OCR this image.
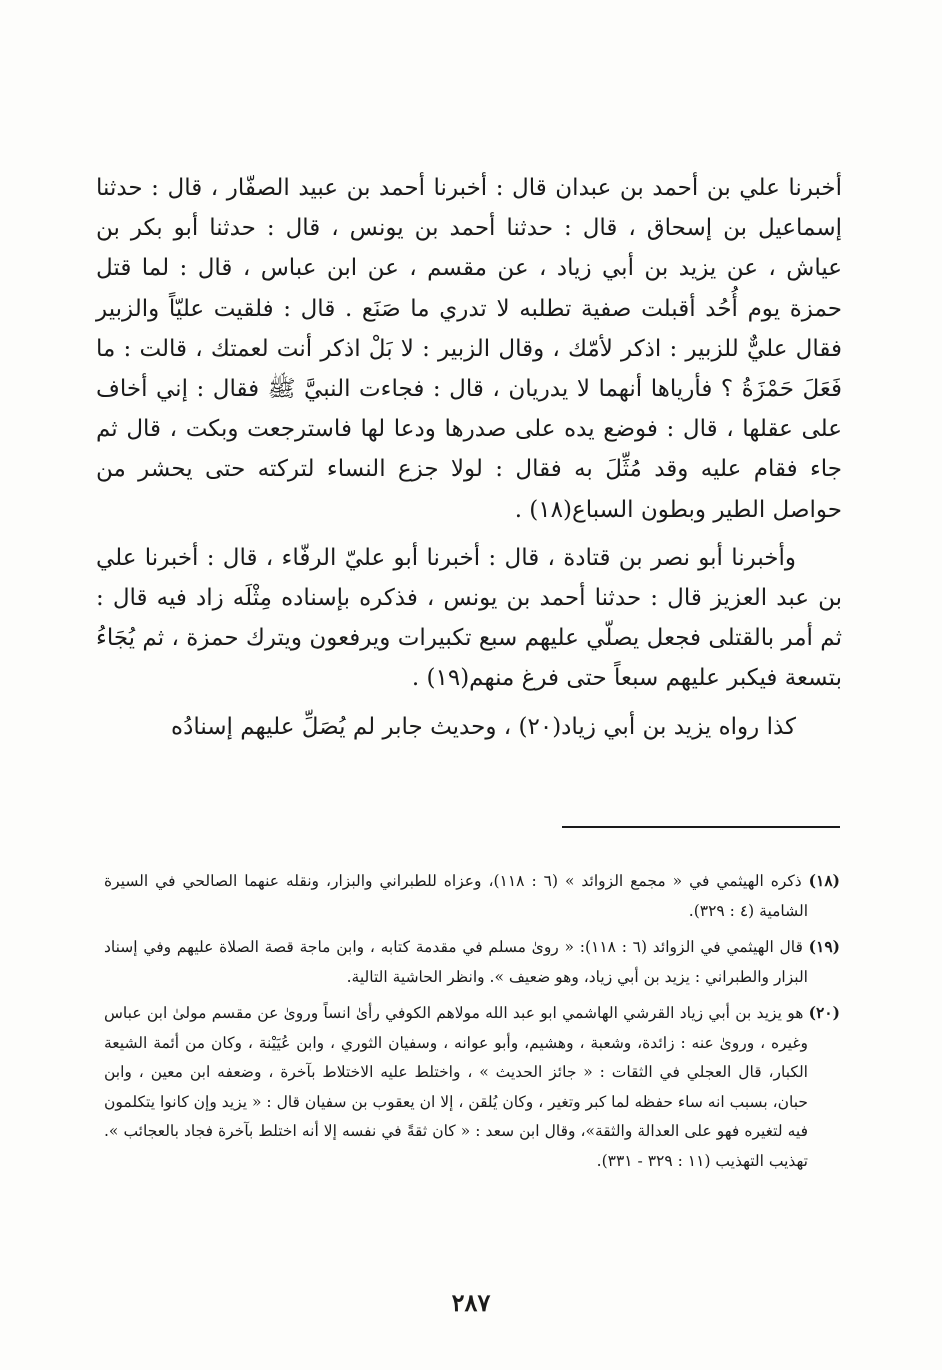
أخبرنا علي بن أحمد بن عبدان قال : أخبرنا أحمد بن عبيد الصفّار ، قال : حدثنا إسماعيل بن إسحاق ، قال : حدثنا أحمد بن يونس ، قال : حدثنا أبو بكر بن عياش ، عن يزيد بن أبي زياد ، عن مقسم ، عن ابن عباس ، قال : لما قتل حمزة يوم أُحُد أقبلت صفية تطلبه لا تدري ما صَنَع . قال : فلقيت عليّاً والزبير فقال عليٌّ للزبير : اذكر لأمّك ، وقال الزبير : لا بَلْ اذكر أنت لعمتك ، قالت : ما فَعَلَ حَمْزَةُ ؟ فأرياها أنهما لا يدريان ، قال : فجاءت النبيَّ ﷺ فقال : إني أخاف على عقلها ، قال : فوضع يده على صدرها ودعا لها فاسترجعت وبكت ، قال ثم جاء فقام عليه وقد مُثِّلَ به فقال : لولا جزع النساء لتركته حتى يحشر من حواصل الطير وبطون السباع(١٨) .

وأخبرنا أبو نصر بن قتادة ، قال : أخبرنا أبو عليّ الرفّاء ، قال : أخبرنا علي بن عبد العزيز قال : حدثنا أحمد بن يونس ، فذكره بإسناده مِثْلَه زاد فيه قال : ثم أمر بالقتلى فجعل يصلّي عليهم سبع تكبيرات ويرفعون ويترك حمزة ، ثم يُجَاءُ بتسعة فيكبر عليهم سبعاً حتى فرغ منهم(١٩) .

كذا رواه يزيد بن أبي زياد(٢٠) ، وحديث جابر لم يُصَلِّ عليهم إسنادُه

(١٨) ذكره الهيثمي في « مجمع الزوائد » (٦ : ١١٨)، وعزاه للطبراني والبزار، ونقله عنهما الصالحي في السيرة الشامية (٤ : ٣٢٩).

(١٩) قال الهيثمي في الزوائد (٦ : ١١٨): « رویٰ مسلم في مقدمة كتابه ، وابن ماجة قصة الصلاة عليهم وفي إسناد البزار والطبراني : يزيد بن أبي زياد، وهو ضعيف ». وانظر الحاشية التالية.

(٢٠) هو يزيد بن أبي زياد القرشي الهاشمي ابو عبد الله مولاهم الكوفي رأىٰ انساً وروىٰ عن مقسم مولىٰ ابن عباس وغيره ، وروىٰ عنه : زائدة، وشعبة ، وهشيم، وأبو عوانه ، وسفيان الثوري ، وابن عُيَيْنة ، وكان من أئمة الشيعة الكبار، قال العجلي في الثقات : « جائز الحديث » ، واختلط عليه الاختلاط بآخرة ، وضعفه ابن معين ، وابن حبان، بسبب انه ساء حفظه لما كبر وتغير ، وكان يُلقن ، إلا ان يعقوب بن سفيان قال : « يزيد وإن كانوا يتكلمون فيه لتغيره فهو على العدالة والثقة»، وقال ابن سعد : « كان ثقةً في نفسه إلا أنه اختلط بآخرة فجاد بالعجائب ». تهذيب التهذيب (١١ : ٣٢٩ - ٣٣١).

٢٨٧
